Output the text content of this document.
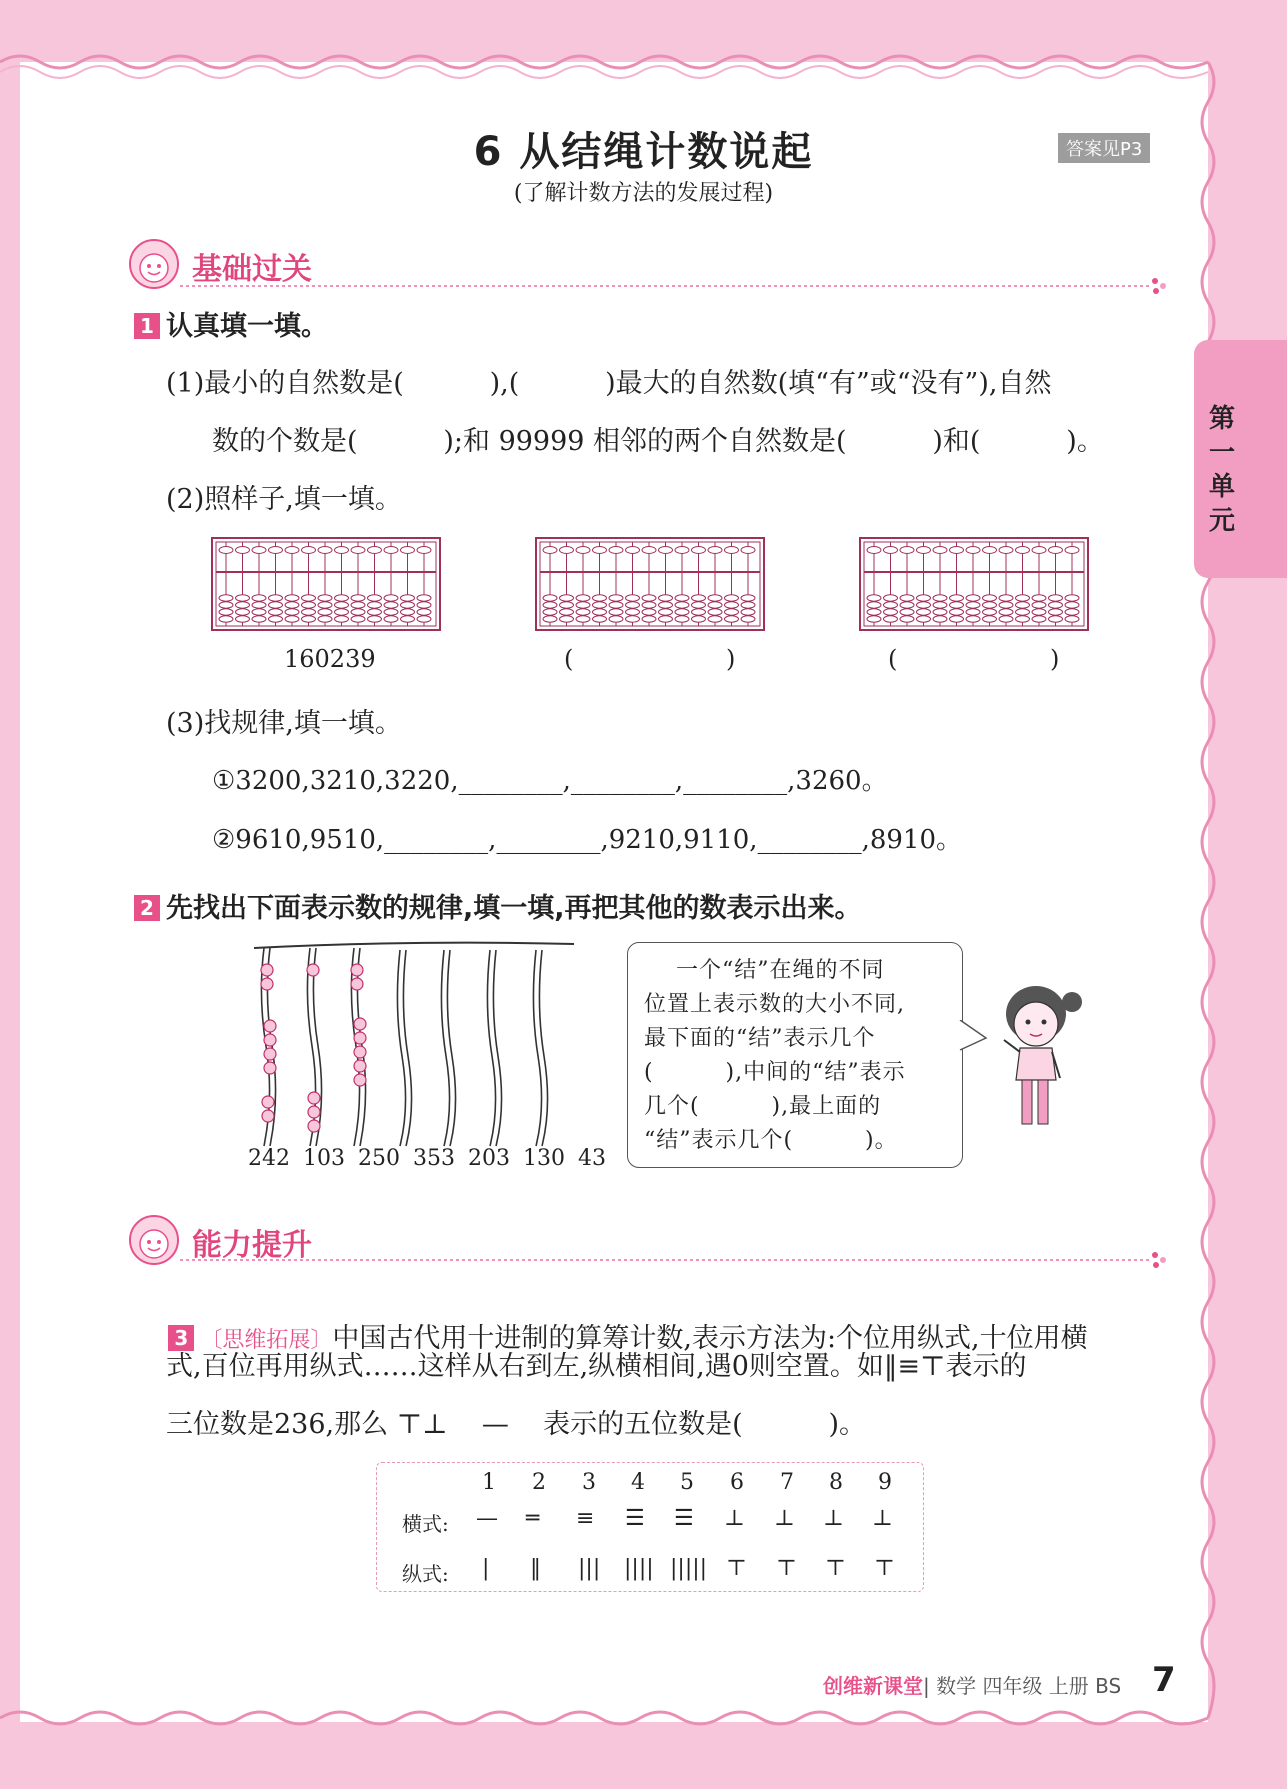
第一单元
6 从结绳计数说起
(了解计数方法的发展过程)
答案见P3
基础过关
1 认真填一填。
(1)最小的自然数是(          ),(          )最大的自然数(填“有”或“没有”),自然
数的个数是(          );和 99999 相邻的两个自然数是(          )和(          )。
(2)照样子,填一填。
160239	(                    )	(                    )
(3)找规律,填一填。
①3200,3210,3220,________,________,________,3260。
②9610,9510,________,________,9210,9110,________,8910。
2 先找出下面表示数的规律,填一填,再把其他的数表示出来。
242 103 250 353 203 130 43
一个“结”在绳的不同
位置上表示数的大小不同,
最下面的“结”表示几个
(         ),中间的“结”表示
几个(         ),最上面的
“结”表示几个(         )。
能力提升

3 〔思维拓展〕中国古代用十进制的算筹计数,表示方法为:个位用纵式,十位用横

式,百位再用纵式……这样从右到左,纵横相间,遇0则空置。如‖≡⊤表示的
三位数是236,那么 ⊤⊥    —    表示的五位数是(          )。
1 2 3 4 5 6 7 8 9
横式: — ═ ≡ ☰ ☰ ⊥ ⊥ ⊥ ⊥
纵式: | ‖ ||| |||| ||||| ⊤ ⊤ ⊤ ⊤
创维新课堂| 数学 四年级 上册 BS 7
